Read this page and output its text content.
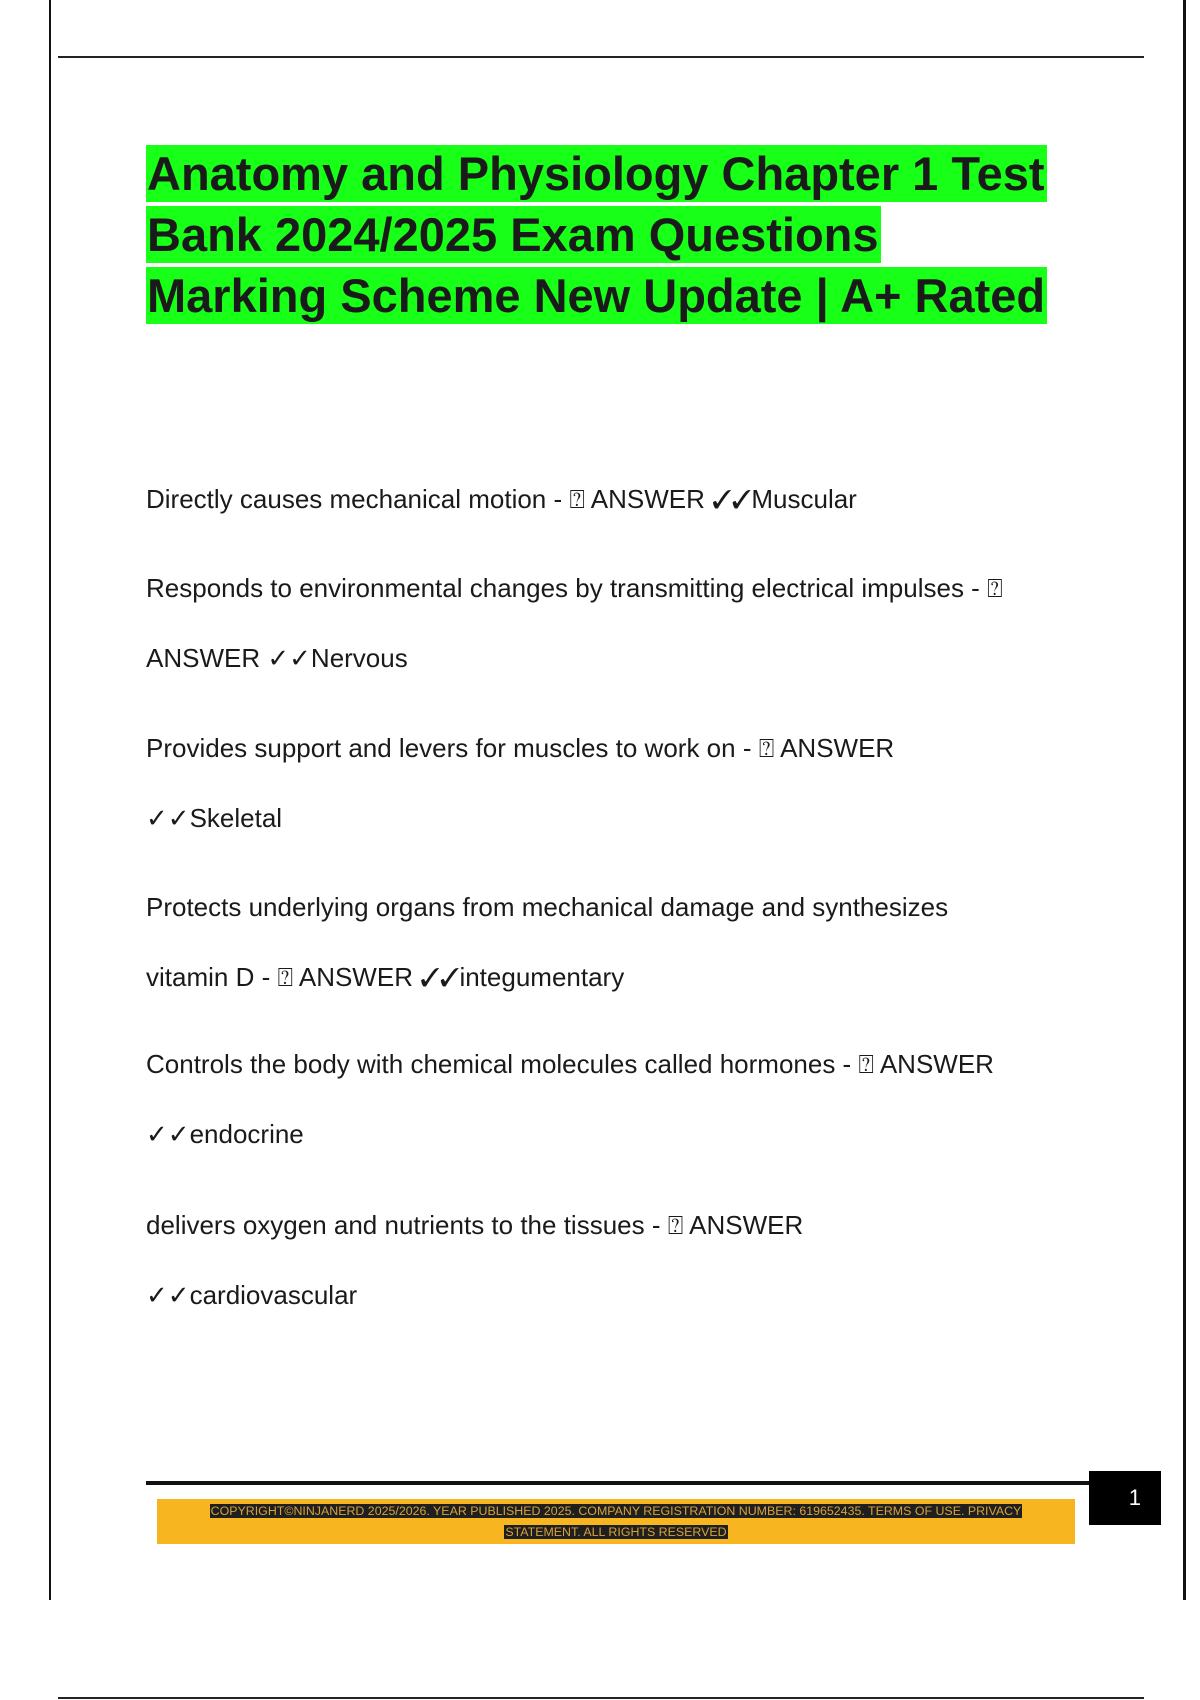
Anatomy and Physiology Chapter 1 Test
Bank 2024/2025 Exam Questions
Marking Scheme New Update | A+ Rated

Directly causes mechanical motion - ⍰ ANSWER ✓✓Muscular

Responds to environmental changes by transmitting electrical impulses - ⍰
ANSWER ✓✓Nervous

Provides support and levers for muscles to work on - ⍰ ANSWER
✓✓Skeletal

Protects underlying organs from mechanical damage and synthesizes
vitamin D - ⍰ ANSWER ✓✓integumentary

Controls the body with chemical molecules called hormones - ⍰ ANSWER
✓✓endocrine

delivers oxygen and nutrients to the tissues - ⍰ ANSWER
✓✓cardiovascular

1
COPYRIGHT©NINJANERD 2025/2026. YEAR PUBLISHED 2025. COMPANY REGISTRATION NUMBER: 619652435. TERMS OF USE. PRIVACY
STATEMENT. ALL RIGHTS RESERVED
